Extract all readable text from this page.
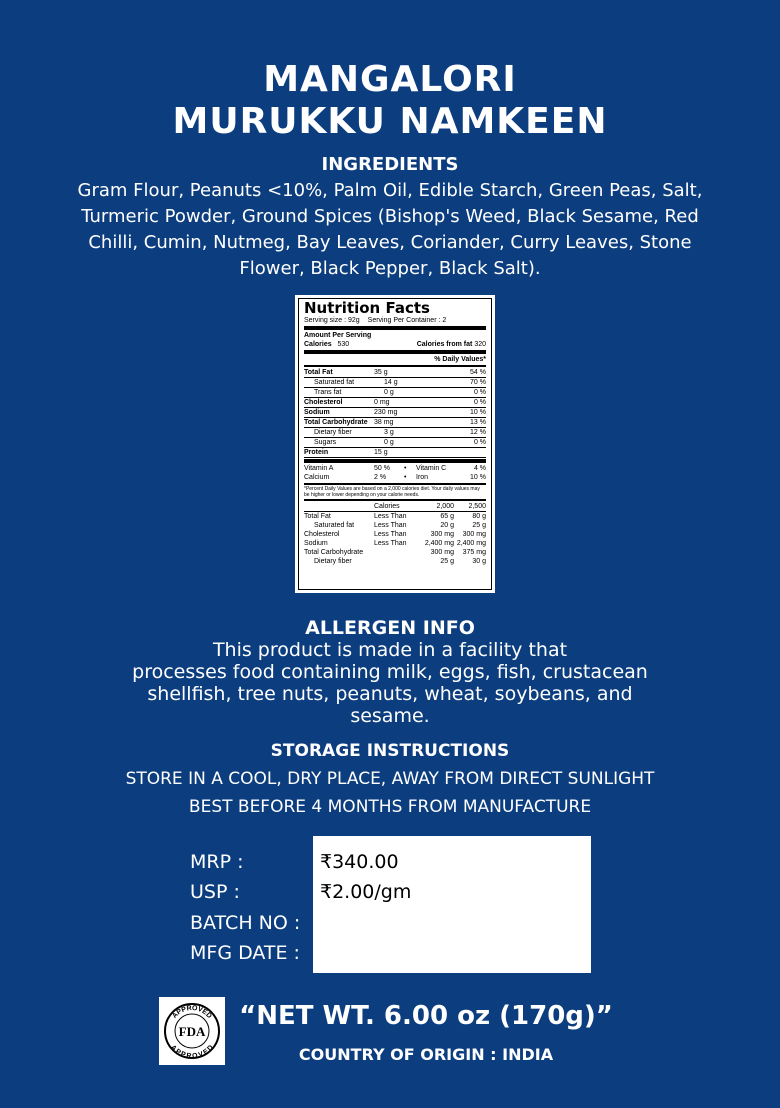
MANGALORI
MURUKKU NAMKEEN
INGREDIENTS
Gram Flour, Peanuts <10%, Palm Oil, Edible Starch, Green Peas, Salt, Turmeric Powder, Ground Spices (Bishop's Weed, Black Sesame, Red Chilli, Cumin, Nutmeg, Bay Leaves, Coriander, Curry Leaves, Stone Flower, Black Pepper, Black Salt).
Nutrition Facts
Serving size : 92g Serving Per Container : 2
Amount Per Serving
Calories 530	Calories from fat 320
% Daily Values*
Total Fat	35 g	54 %
Saturated fat	14 g	70 %
Trans fat	0 g	0 %
Cholesterol	0 mg	0 %
Sodium	230 mg	10 %
Total Carbohydrate 38 mg	13 %
Dietary fiber	3 g	12 %
Sugars	0 g	0 %
Protein	15 g
Vitamin A	50 %	•	Vitamin C	4 %
Calcium	2 %	•	Iron	10 %
*Percent Daily Values are based on a 2,000 calories diet. Your daily values may be higher or lower depending on your calorie needs.
Calories	2,000	2,500
Total Fat	Less Than	65 g	80 g
Saturated fat	Less Than	20 g	25 g
Cholesterol	Less Than	300 mg	300 mg
Sodium	Less Than	2,400 mg 2,400 mg
Total Carbohydrate	300 mg	375 mg
Dietary fiber	25 g	30 g
ALLERGEN INFO
This product is made in a facility that
processes food containing milk, eggs, fish, crustacean
shellfish, tree nuts, peanuts, wheat, soybeans, and
sesame.
STORAGE INSTRUCTIONS
STORE IN A COOL, DRY PLACE, AWAY FROM DIRECT SUNLIGHT
BEST BEFORE 4 MONTHS FROM MANUFACTURE
MRP :	₹340.00
USP :	₹2.00/gm
BATCH NO :
MFG DATE :
FDA
APPROVED
APPROVED
“NET WT. 6.00 oz (170g)”
COUNTRY OF ORIGIN : INDIA
